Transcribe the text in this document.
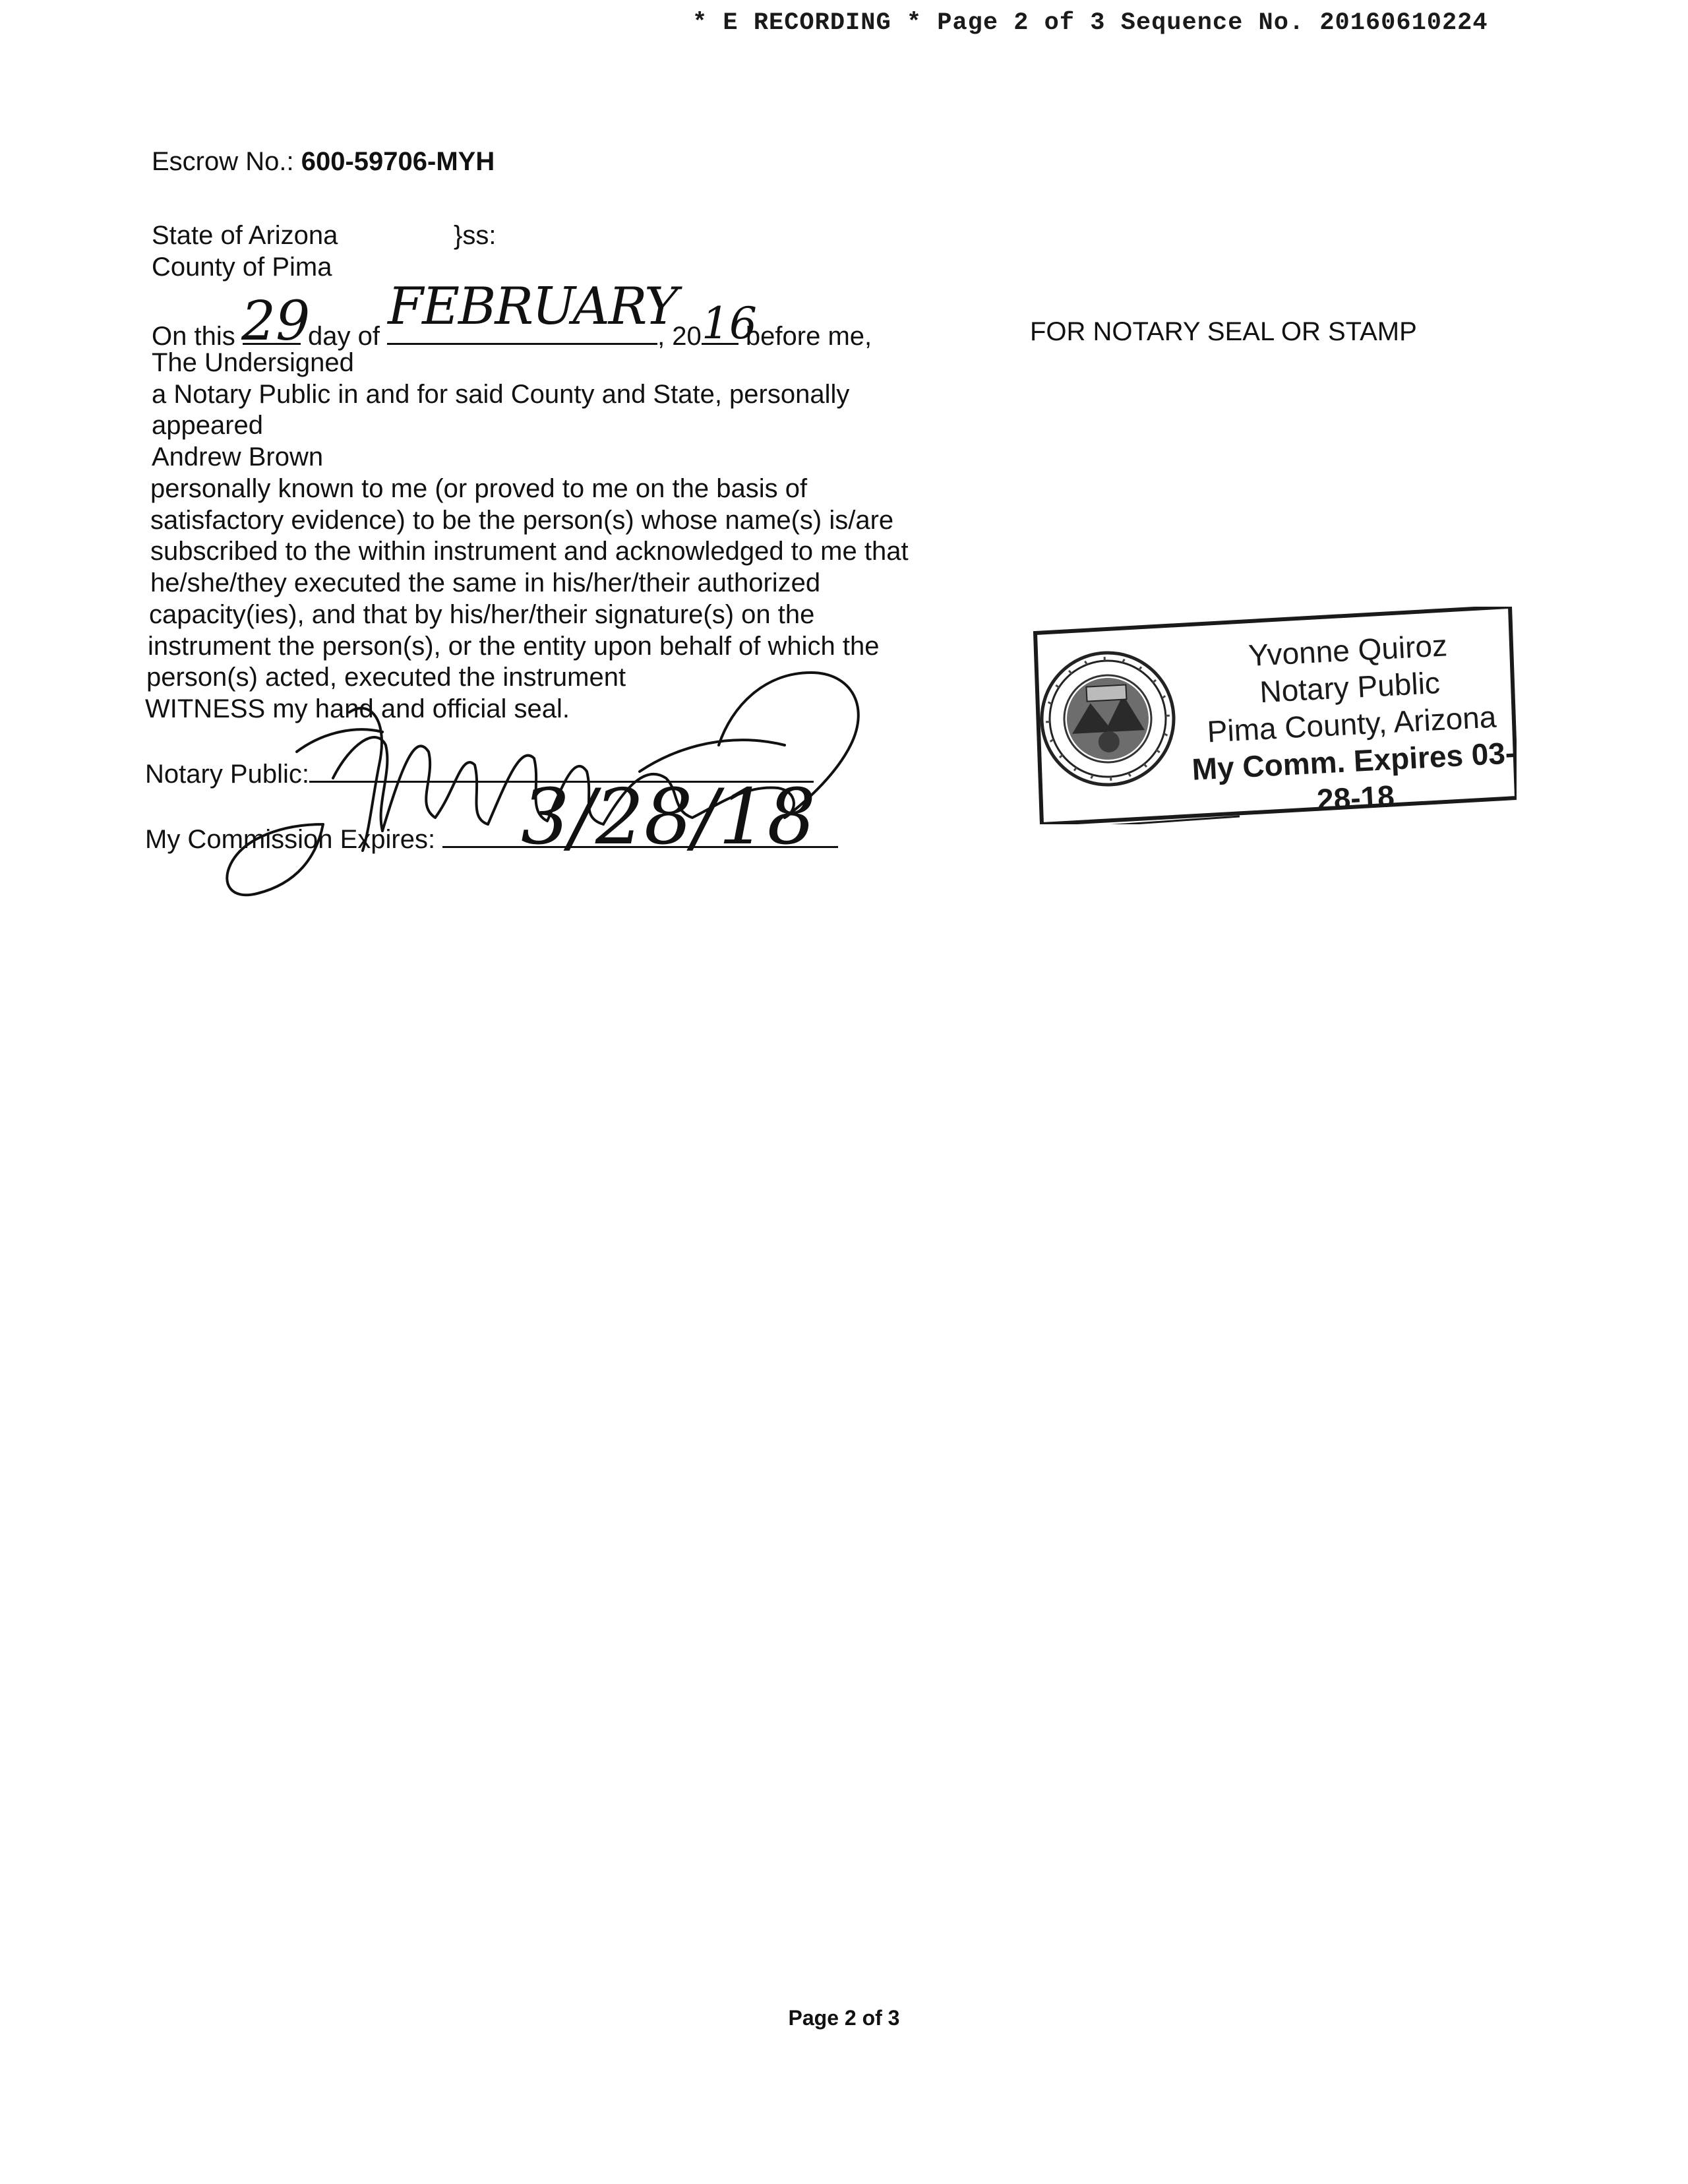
* E RECORDING * Page 2 of 3 Sequence No. 20160610224
Escrow No.: 600-59706-MYH
State of Arizona	}ss:
County of Pima
On this	day of	, 20 before me,
29 FEBRUARY 16
The Undersigned
a Notary Public in and for said County and State, personally
appeared
Andrew Brown
personally known to me (or proved to me on the basis of
satisfactory evidence) to be the person(s) whose name(s) is/are
subscribed to the within instrument and acknowledged to me that
he/she/they executed the same in his/her/their authorized
capacity(ies), and that by his/her/their signature(s) on the
instrument the person(s), or the entity upon behalf of which the
person(s) acted, executed the instrument
WITNESS my hand and official seal.
Notary Public:
My Commission Expires:	3/28/18
FOR NOTARY SEAL OR STAMP
Yvonne Quiroz
Notary Public
Pima County, Arizona
My Comm. Expires 03-28-18
Page 2 of 3
